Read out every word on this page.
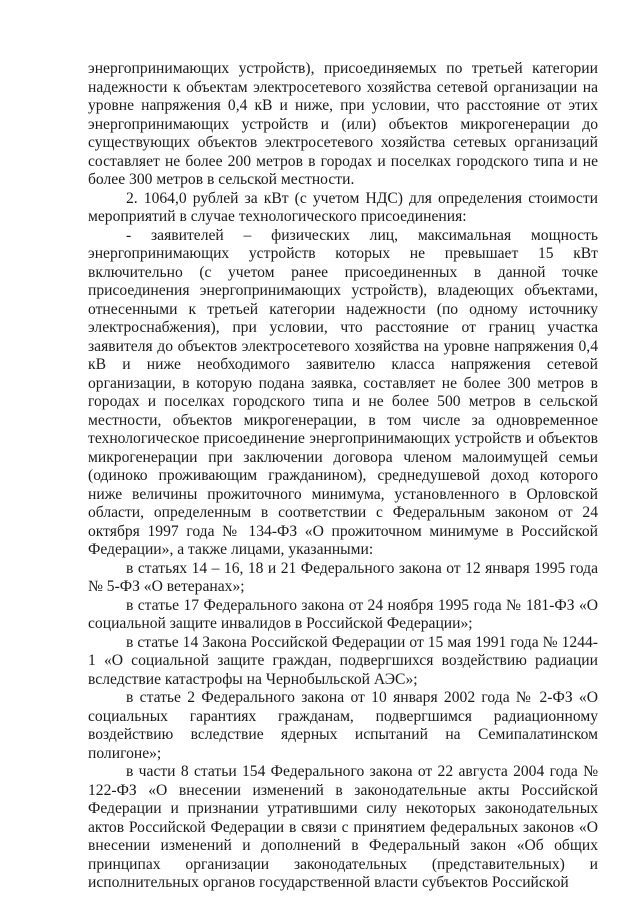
энергопринимающих устройств), присоединяемых по третьей категории надежности к объектам электросетевого хозяйства сетевой организации на уровне напряжения 0,4 кВ и ниже, при условии, что расстояние от этих энергопринимающих устройств и (или) объектов микрогенерации до существующих объектов электросетевого хозяйства сетевых организаций составляет не более 200 метров в городах и поселках городского типа и не более 300 метров в сельской местности.

2. 1064,0 рублей за кВт (с учетом НДС) для определения стоимости мероприятий в случае технологического присоединения:

- заявителей – физических лиц, максимальная мощность энергопринимающих устройств которых не превышает 15 кВт включительно (с учетом ранее присоединенных в данной точке присоединения энергопринимающих устройств), владеющих объектами, отнесенными к третьей категории надежности (по одному источнику электроснабжения), при условии, что расстояние от границ участка заявителя до объектов электросетевого хозяйства на уровне напряжения 0,4 кВ и ниже необходимого заявителю класса напряжения сетевой организации, в которую подана заявка, составляет не более 300 метров в городах и поселках городского типа и не более 500 метров в сельской местности, объектов микрогенерации, в том числе за одновременное технологическое присоединение энергопринимающих устройств и объектов микрогенерации при заключении договора членом малоимущей семьи (одиноко проживающим гражданином), среднедушевой доход которого ниже величины прожиточного минимума, установленного в Орловской области, определенным в соответствии с Федеральным законом от 24 октября 1997 года № 134-ФЗ «О прожиточном минимуме в Российской Федерации», а также лицами, указанными:

в статьях 14 – 16, 18 и 21 Федерального закона от 12 января 1995 года № 5-ФЗ «О ветеранах»;

в статье 17 Федерального закона от 24 ноября 1995 года № 181-ФЗ «О социальной защите инвалидов в Российской Федерации»;

в статье 14 Закона Российской Федерации от 15 мая 1991 года № 1244-1 «О социальной защите граждан, подвергшихся воздействию радиации вследствие катастрофы на Чернобыльской АЭС»;

в статье 2 Федерального закона от 10 января 2002 года № 2-ФЗ «О социальных гарантиях гражданам, подвергшимся радиационному воздействию вследствие ядерных испытаний на Семипалатинском полигоне»;

в части 8 статьи 154 Федерального закона от 22 августа 2004 года № 122-ФЗ «О внесении изменений в законодательные акты Российской Федерации и признании утратившими силу некоторых законодательных актов Российской Федерации в связи с принятием федеральных законов «О внесении изменений и дополнений в Федеральный закон «Об общих принципах организации законодательных (представительных) и исполнительных органов государственной власти субъектов Российской
